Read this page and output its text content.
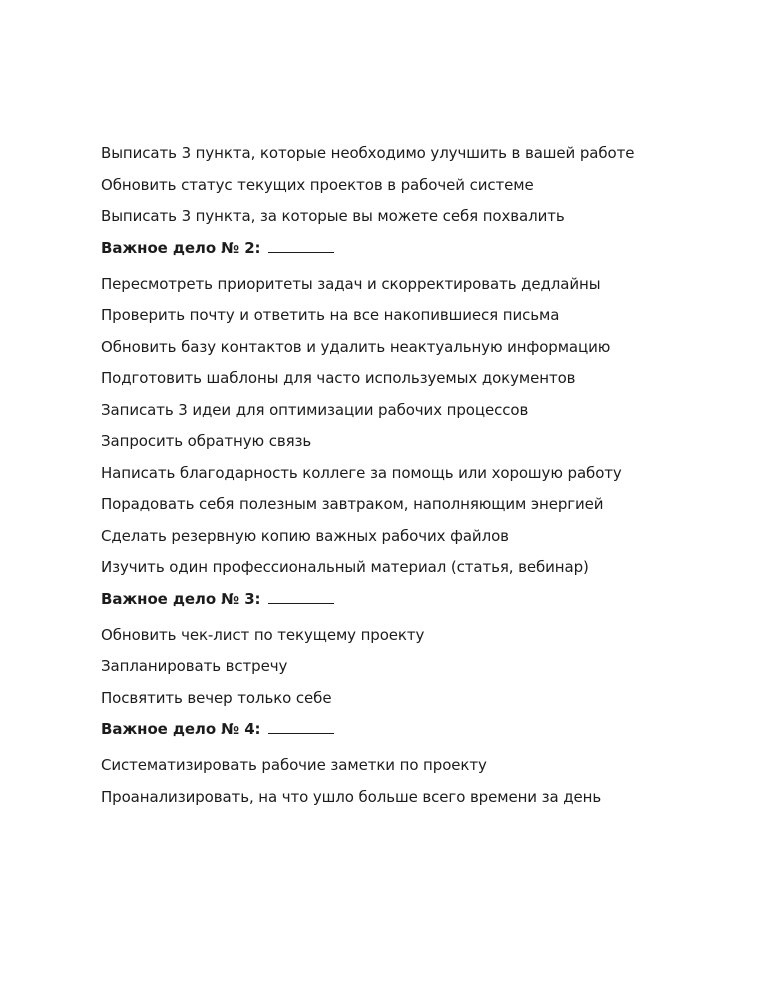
Выписать 3 пункта, которые необходимо улучшить в вашей работе
Обновить статус текущих проектов в рабочей системе
Выписать 3 пункта, за которые вы можете себя похвалить
Важное дело № 2:
Пересмотреть приоритеты задач и скорректировать дедлайны
Проверить почту и ответить на все накопившиеся письма
Обновить базу контактов и удалить неактуальную информацию
Подготовить шаблоны для часто используемых документов
Записать 3 идеи для оптимизации рабочих процессов
Запросить обратную связь
Написать благодарность коллеге за помощь или хорошую работу
Порадовать себя полезным завтраком, наполняющим энергией
Сделать резервную копию важных рабочих файлов
Изучить один профессиональный материал (статья, вебинар)
Важное дело № 3:
Обновить чек-лист по текущему проекту
Запланировать встречу
Посвятить вечер только себе
Важное дело № 4:
Систематизировать рабочие заметки по проекту
Проанализировать, на что ушло больше всего времени за день
